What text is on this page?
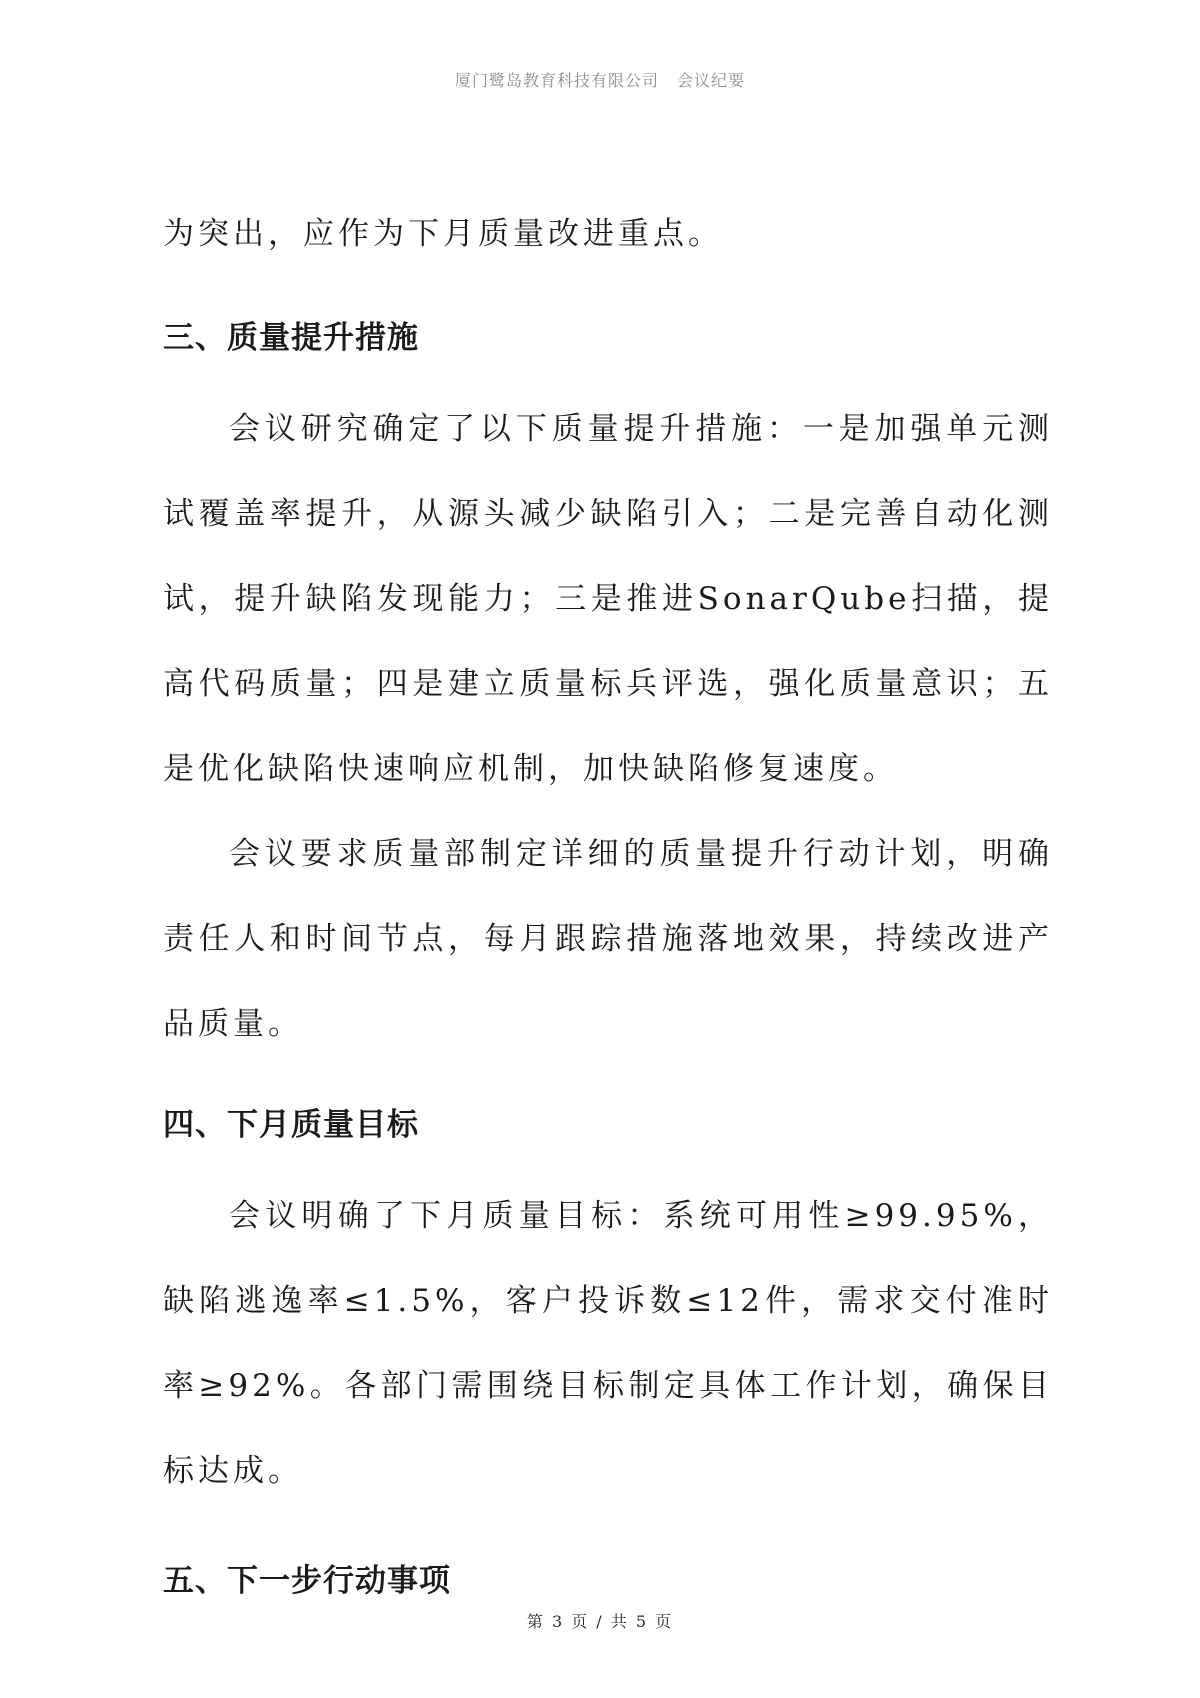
厦门鹭岛教育科技有限公司 会议纪要

为突出，应作为下月质量改进重点。

三、质量提升措施

会议研究确定了以下质量提升措施：一是加强单元测试覆盖率提升，从源头减少缺陷引入；二是完善自动化测试，提升缺陷发现能力；三是推进SonarQube扫描，提高代码质量；四是建立质量标兵评选，强化质量意识；五是优化缺陷快速响应机制，加快缺陷修复速度。

会议要求质量部制定详细的质量提升行动计划，明确责任人和时间节点，每月跟踪措施落地效果，持续改进产品质量。

四、下月质量目标

会议明确了下月质量目标：系统可用性≥99.95%，缺陷逃逸率≤1.5%，客户投诉数≤12件，需求交付准时率≥92%。各部门需围绕目标制定具体工作计划，确保目标达成。

五、下一步行动事项
第 3 页 / 共 5 页
